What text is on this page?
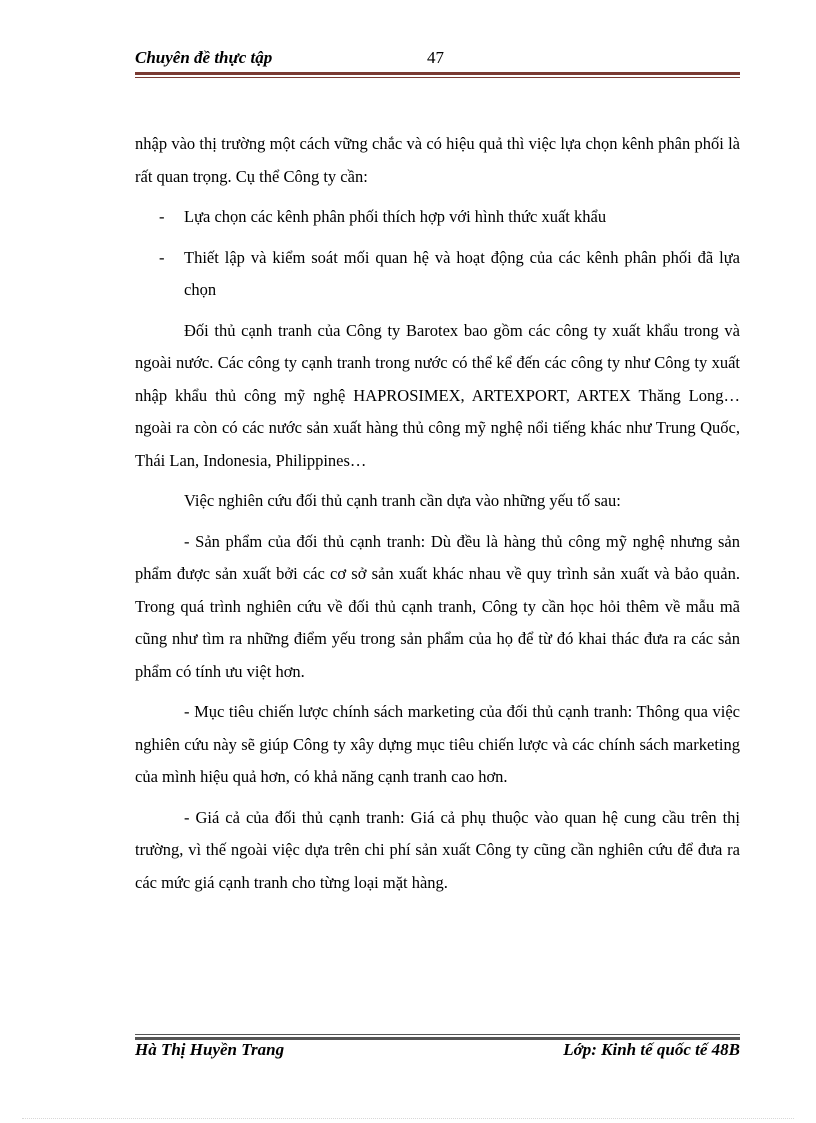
Chuyên đề thực tập	47

nhập vào thị trường một cách vững chắc và có hiệu quả thì việc lựa chọn kênh phân phối là rất quan trọng. Cụ thể Công ty cần:

-	Lựa chọn các kênh phân phối thích hợp với hình thức xuất khẩu
-	Thiết lập và kiểm soát mối quan hệ và hoạt động của các kênh phân phối đã lựa chọn

Đối thủ cạnh tranh của Công ty Barotex bao gồm các công ty xuất khẩu trong và ngoài nước. Các công ty cạnh tranh trong nước có thể kể đến các công ty như Công ty xuất nhập khẩu thủ công mỹ nghệ HAPROSIMEX, ARTEXPORT, ARTEX Thăng Long… ngoài ra còn có các nước sản xuất hàng thủ công mỹ nghệ nổi tiếng khác như Trung Quốc, Thái Lan, Indonesia, Philippines…

Việc nghiên cứu đối thủ cạnh tranh cần dựa vào những yếu tố sau:

- Sản phẩm của đối thủ cạnh tranh: Dù đều là hàng thủ công mỹ nghệ nhưng sản phẩm được sản xuất bởi các cơ sở sản xuất khác nhau về quy trình sản xuất và bảo quản. Trong quá trình nghiên cứu về đối thủ cạnh tranh, Công ty cần học hỏi thêm về mẫu mã cũng như tìm ra những điểm yếu trong sản phẩm của họ để từ đó khai thác đưa ra các sản phẩm có tính ưu việt hơn.

- Mục tiêu chiến lược chính sách marketing của đối thủ cạnh tranh: Thông qua việc nghiên cứu này sẽ giúp Công ty xây dựng mục tiêu chiến lược và các chính sách marketing của mình hiệu quả hơn, có khả năng cạnh tranh cao hơn.

- Giá cả của đối thủ cạnh tranh: Giá cả phụ thuộc vào quan hệ cung cầu trên thị trường, vì thế ngoài việc dựa trên chi phí sản xuất Công ty cũng cần nghiên cứu để đưa ra các mức giá cạnh tranh cho từng loại mặt hàng.

Hà Thị Huyền Trang	Lớp: Kinh tế quốc tế 48B
